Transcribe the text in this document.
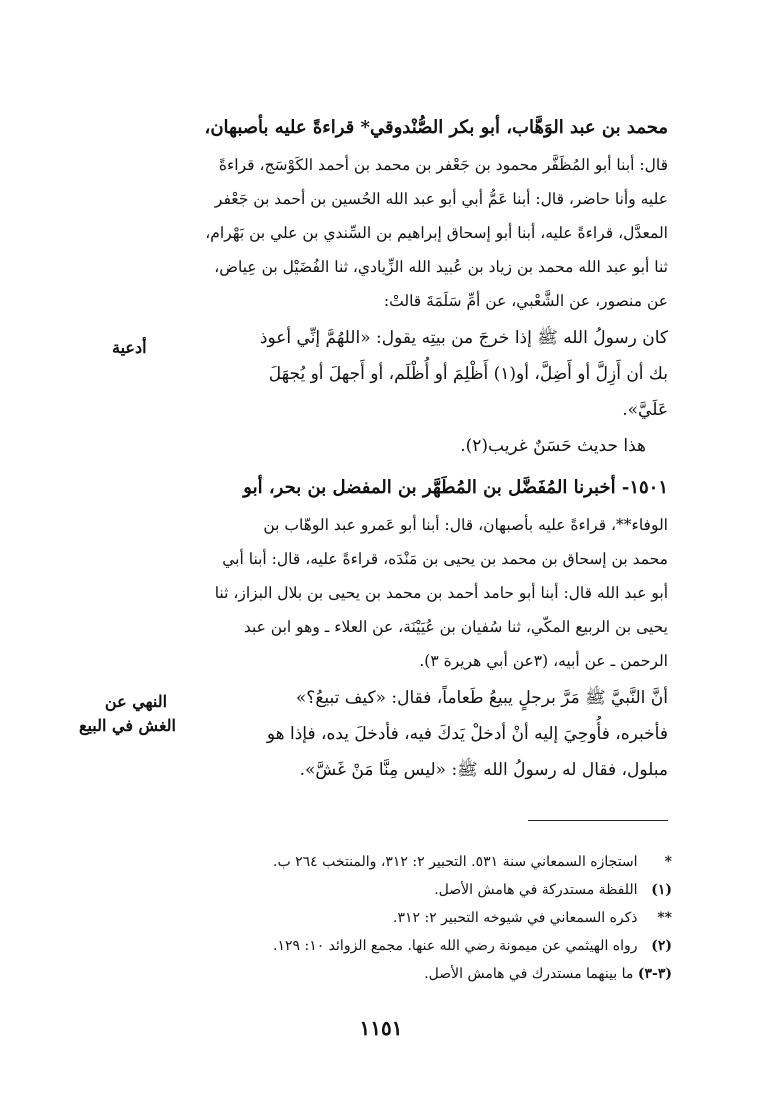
محمد بن عبد الوَهَّاب، أبو بكر الصُّنْدوقي* قراءةً عليه بأصبهان،
قال: أبنا أبو المُظَفَّر محمود بن جَعْفر بن محمد بن أحمد الكَوْسَج، قراءةً
عليه وأنا حاضر، قال: أبنا عَمُّ أبي أبو عبد الله الحُسين بن أحمد بن جَعْفر
المعدَّل، قراءةً عليه، أبنا أبو إسحاق إبراهيم بن السِّندي بن علي بن بَهْرام،
ثنا أبو عبد الله محمد بن زياد بن عُبيد الله الزِّيادي، ثنا الفُضَيْل بن عِياض،
عن منصور، عن الشَّعْبي، عن أمِّ سَلَمَةَ قالتْ:
أدعية	كان رسولُ الله ﷺ إذا خرجَ من بيتِه يقول: «اللهُمَّ إنِّي أعوذ
بك أن أَزِلَّ أو أَضِلَّ، أو(١) أَظْلِمَ أو أُظْلَم، أو أَجهلَ أو يُجهَلَ
عَلَيَّ».
هذا حديث حَسَنٌ غريب(٢).
١٥٠١- أخبرنا المُفَضَّل بن المُطَهَّر بن المفضل بن بحر، أبو
الوفاء**، قراءةً عليه بأصبهان، قال: أبنا أبو عَمرو عبد الوهّاب بن
محمد بن إسحاق بن محمد بن يحيى بن مَنْدَه، قراءةً عليه، قال: أبنا أبي
أبو عبد الله قال: أبنا أبو حامد أحمد بن محمد بن يحيى بن بلال البزاز، ثنا
يحيى بن الربيع المكّي، ثنا سُفيان بن عُيَيْنَة، عن العلاء ـ وهو ابن عبد
الرحمن ـ عن أبيه، (٣عن أبي هريرة ٣).
النهي عن
الغش في البيع
أنَّ النَّبيَّ ﷺ مَرَّ برجلٍ يبيعُ طَعاماً، فقال: «كيف تبيعُ؟»
فأخبره، فأُوحِيَ إليه أنْ أدخلْ يَدكَ فيه، فأدخلَ يده، فإذا هو
مبلول، فقال له رسولُ الله ﷺ: «ليس مِنَّا مَنْ غَشَّ».
* استجازه السمعاني سنة ٥٣١. التحبير ٢: ٣١٢، والمنتخب ٢٦٤ ب.
(١) اللفظة مستدركة في هامش الأصل.
** ذكره السمعاني في شيوخه التحبير ٢: ٣١٢.
(٢) رواه الهيثمي عن ميمونة رضي الله عنها. مجمع الزوائد ١٠: ١٢٩.
(٣-٣) ما بينهما مستدرك في هامش الأصل.
١١٥١
